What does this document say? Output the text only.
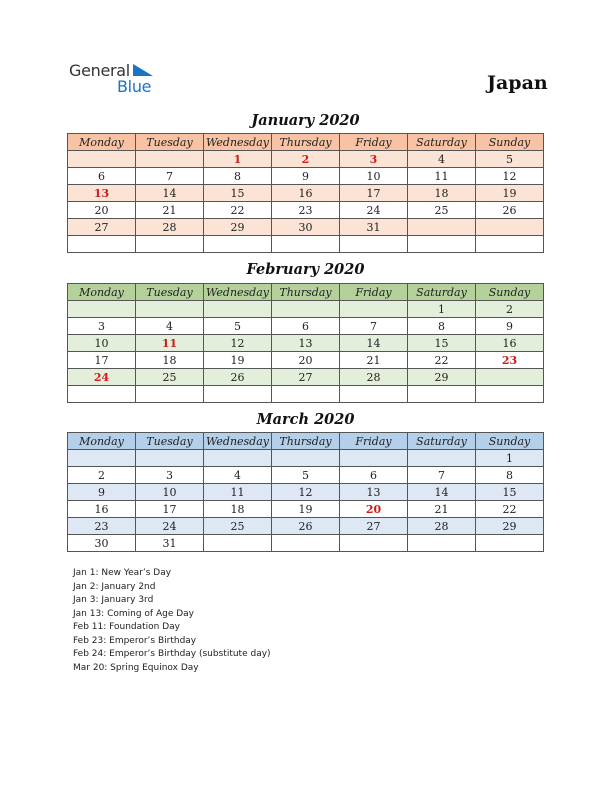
General
Blue	Japan
January 2020
Monday	Tuesday	Wednesday	Thursday	Friday	Saturday	Sunday
		1	2	3	4	5
6	7	8	9	10	11	12
13	14	15	16	17	18	19
20	21	22	23	24	25	26
27	28	29	30	31		

February 2020
Monday	Tuesday	Wednesday	Thursday	Friday	Saturday	Sunday
					1	2
3	4	5	6	7	8	9
10	11	12	13	14	15	16
17	18	19	20	21	22	23
24	25	26	27	28	29	

March 2020
Monday	Tuesday	Wednesday	Thursday	Friday	Saturday	Sunday
						1
2	3	4	5	6	7	8
9	10	11	12	13	14	15
16	17	18	19	20	21	22
23	24	25	26	27	28	29
30	31					
Jan 1: New Year’s Day
Jan 2: January 2nd
Jan 3: January 3rd
Jan 13: Coming of Age Day
Feb 11: Foundation Day
Feb 23: Emperor’s Birthday
Feb 24: Emperor’s Birthday (substitute day)
Mar 20: Spring Equinox Day
